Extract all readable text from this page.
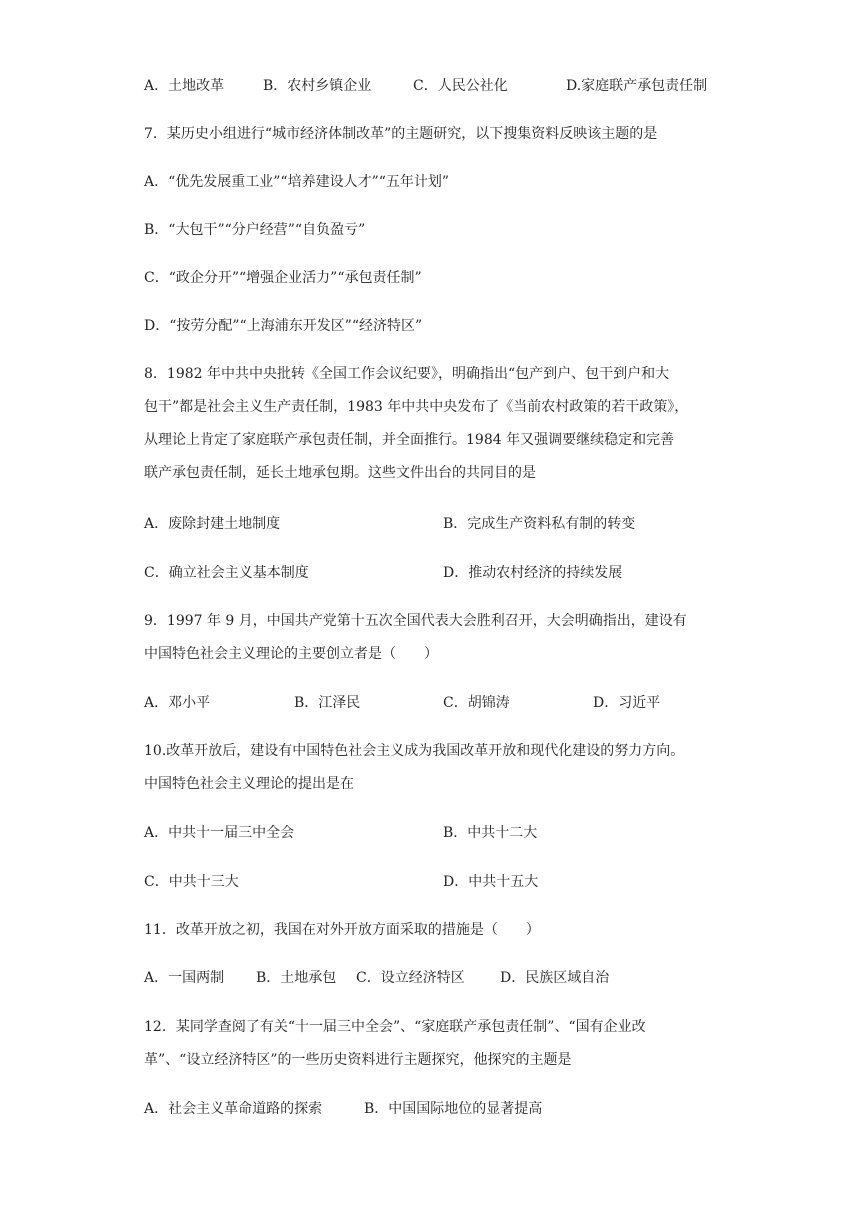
A．土地改革	B．农村乡镇企业	C．人民公社化	D.家庭联产承包责任制
7．某历史小组进行“城市经济体制改革”的主题研究，以下搜集资料反映该主题的是
A．“优先发展重工业”“培养建设人才”“五年计划”
B．“大包干”“分户经营”“自负盈亏”
C．“政企分开”“增强企业活力”“承包责任制”
D．“按劳分配”“上海浦东开发区”“经济特区”
8．1982 年中共中央批转《全国工作会议纪要》，明确指出“包产到户、包干到户和大
包干”都是社会主义生产责任制，1983 年中共中央发布了《当前农村政策的若干政策》，
从理论上肯定了家庭联产承包责任制，并全面推行。1984 年又强调要继续稳定和完善
联产承包责任制，延长土地承包期。这些文件出台的共同目的是
A．废除封建土地制度	B．完成生产资料私有制的转变
C．确立社会主义基本制度	D．推动农村经济的持续发展
9．1997 年 9 月，中国共产党第十五次全国代表大会胜利召开，大会明确指出，建设有
中国特色社会主义理论的主要创立者是（　　）
A．邓小平	B．江泽民	C．胡锦涛	D．习近平
10.改革开放后，建设有中国特色社会主义成为我国改革开放和现代化建设的努力方向。
中国特色社会主义理论的提出是在
A．中共十一届三中全会	B．中共十二大
C．中共十三大	D．中共十五大
11．改革开放之初，我国在对外开放方面采取的措施是（　　）
A．一国两制 B．土地承包 C．设立经济特区	D．民族区域自治
12．某同学查阅了有关“十一届三中全会”、“家庭联产承包责任制”、“国有企业改
革”、“设立经济特区”的一些历史资料进行主题探究，他探究的主题是
A．社会主义革命道路的探索	B．中国国际地位的显著提高
